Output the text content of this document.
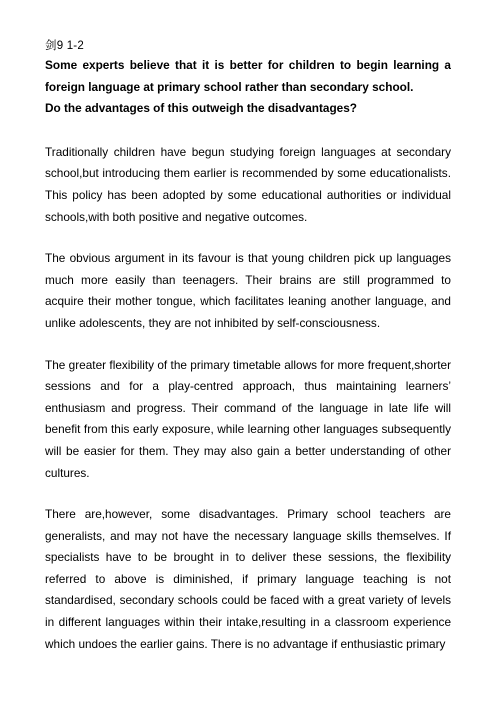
剑9 1-2
Some experts believe that it is better for children to begin learning a
foreign language at primary school rather than secondary school.
Do the advantages of this outweigh the disadvantages?

Traditionally children have begun studying foreign languages at secondary school,but introducing them earlier is recommended by some educationalists. This policy has been adopted by some educational authorities or individual schools,with both positive and negative outcomes.

The obvious argument in its favour is that young children pick up languages much more easily than teenagers. Their brains are still programmed to acquire their mother tongue, which facilitates leaning another language, and unlike adolescents, they are not inhibited by self-consciousness.

The greater flexibility of the primary timetable allows for more frequent,shorter sessions and for a play-centred approach, thus maintaining learners’ enthusiasm and progress. Their command of the language in late life will benefit from this early exposure, while learning other languages subsequently will be easier for them. They may also gain a better understanding of other cultures.

There are,however, some disadvantages. Primary school teachers are generalists, and may not have the necessary language skills themselves. If specialists have to be brought in to deliver these sessions, the flexibility referred to above is diminished, if primary language teaching is not standardised, secondary schools could be faced with a great variety of levels in different languages within their intake,resulting in a classroom experience which undoes the earlier gains. There is no advantage if enthusiastic primary
